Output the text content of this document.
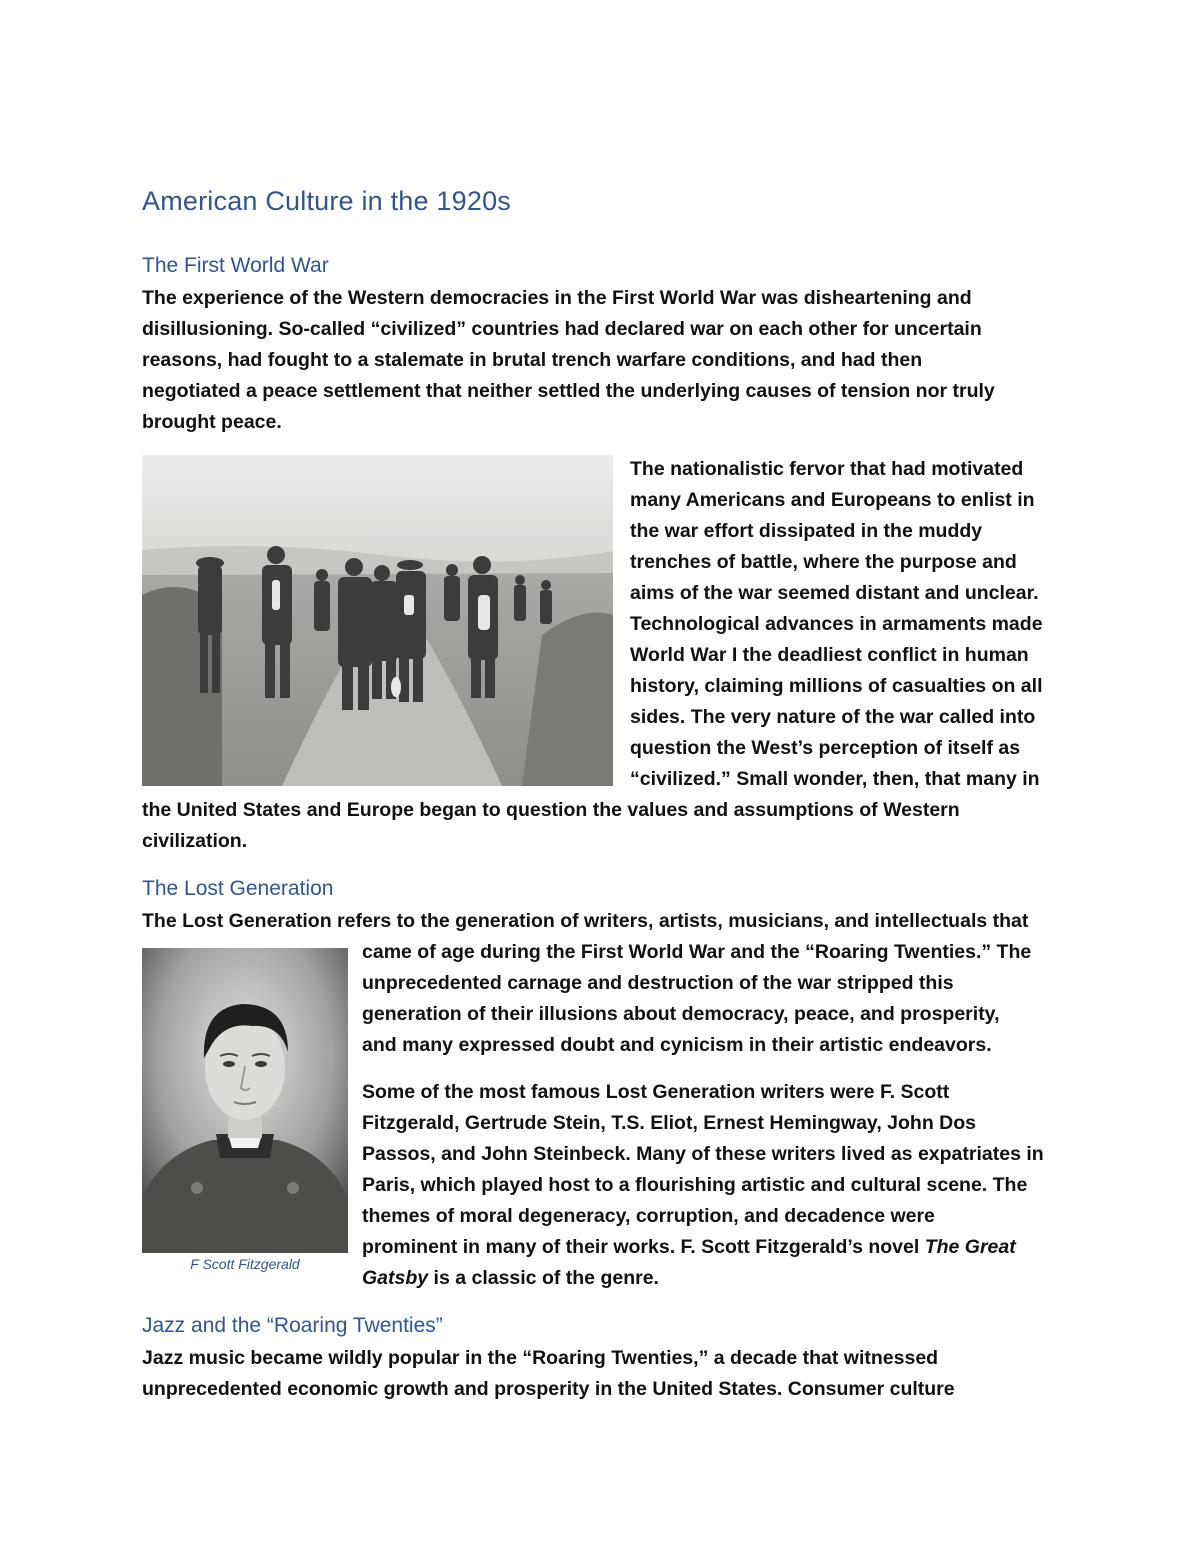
American Culture in the 1920s
The First World War
The experience of the Western democracies in the First World War was disheartening and
disillusioning. So-called “civilized” countries had declared war on each other for uncertain
reasons, had fought to a stalemate in brutal trench warfare conditions, and had then
negotiated a peace settlement that neither settled the underlying causes of tension nor truly
brought peace.
The nationalistic fervor that had motivated
many Americans and Europeans to enlist in
the war effort dissipated in the muddy
trenches of battle, where the purpose and
aims of the war seemed distant and unclear.
Technological advances in armaments made
World War I the deadliest conflict in human
history, claiming millions of casualties on all
sides. The very nature of the war called into
question the West’s perception of itself as
“civilized.” Small wonder, then, that many in
the United States and Europe began to question the values and assumptions of Western
civilization.
The Lost Generation
The Lost Generation refers to the generation of writers, artists, musicians, and intellectuals that
F Scott Fitzgerald
came of age during the First World War and the “Roaring Twenties.” The
unprecedented carnage and destruction of the war stripped this
generation of their illusions about democracy, peace, and prosperity,
and many expressed doubt and cynicism in their artistic endeavors.
Some of the most famous Lost Generation writers were F. Scott
Fitzgerald, Gertrude Stein, T.S. Eliot, Ernest Hemingway, John Dos
Passos, and John Steinbeck. Many of these writers lived as expatriates in
Paris, which played host to a flourishing artistic and cultural scene. The
themes of moral degeneracy, corruption, and decadence were
prominent in many of their works. F. Scott Fitzgerald’s novel The Great
Gatsby is a classic of the genre.
Jazz and the “Roaring Twenties”
Jazz music became wildly popular in the “Roaring Twenties,” a decade that witnessed
unprecedented economic growth and prosperity in the United States. Consumer culture
